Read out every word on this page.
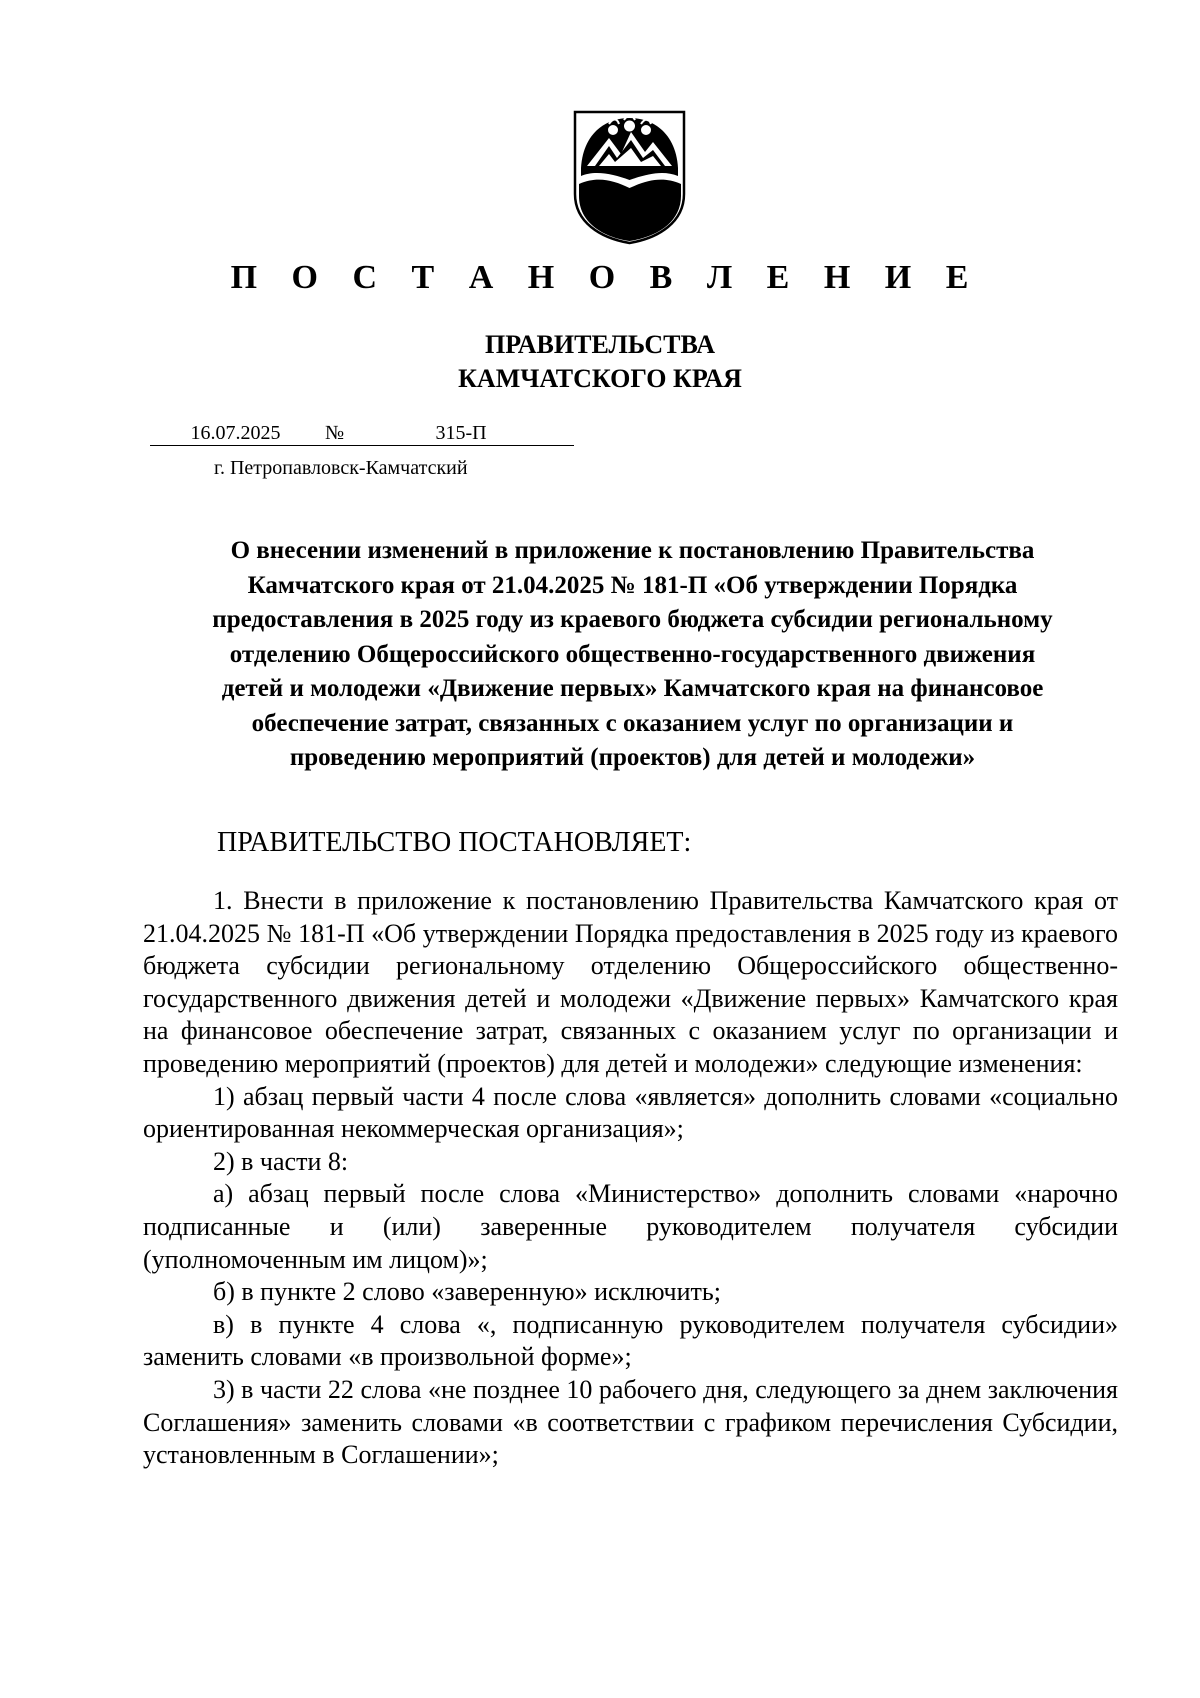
П О С Т А Н О В Л Е Н И Е
ПРАВИТЕЛЬСТВА
КАМЧАТСКОГО КРАЯ
16.07.2025	№	315-П
г. Петропавловск-Камчатский
О внесении изменений в приложение к постановлению Правительства
Камчатского края от 21.04.2025 № 181-П «Об утверждении Порядка
предоставления в 2025 году из краевого бюджета субсидии региональному
отделению Общероссийского общественно-государственного движения
детей и молодежи «Движение первых» Камчатского края на финансовое
обеспечение затрат, связанных с оказанием услуг по организации и
проведению мероприятий (проектов) для детей и молодежи»
ПРАВИТЕЛЬСТВО ПОСТАНОВЛЯЕТ:

1. Внести в приложение к постановлению Правительства Камчатского края от 21.04.2025 № 181-П «Об утверждении Порядка предоставления в 2025 году из краевого бюджета субсидии региональному отделению Общероссийского общественно-государственного движения детей и молодежи «Движение первых» Камчатского края на финансовое обеспечение затрат, связанных с оказанием услуг по организации и проведению мероприятий (проектов) для детей и молодежи» следующие изменения:

1) абзац первый части 4 после слова «является» дополнить словами «социально ориентированная некоммерческая организация»;

2) в части 8:

а) абзац первый после слова «Министерство» дополнить словами «нарочно подписанные и (или) заверенные руководителем получателя субсидии (уполномоченным им лицом)»;

б) в пункте 2 слово «заверенную» исключить;

в) в пункте 4 слова «, подписанную руководителем получателя субсидии» заменить словами «в произвольной форме»;

3) в части 22 слова «не позднее 10 рабочего дня, следующего за днем заключения Соглашения» заменить словами «в соответствии с графиком перечисления Субсидии, установленным в Соглашении»;
